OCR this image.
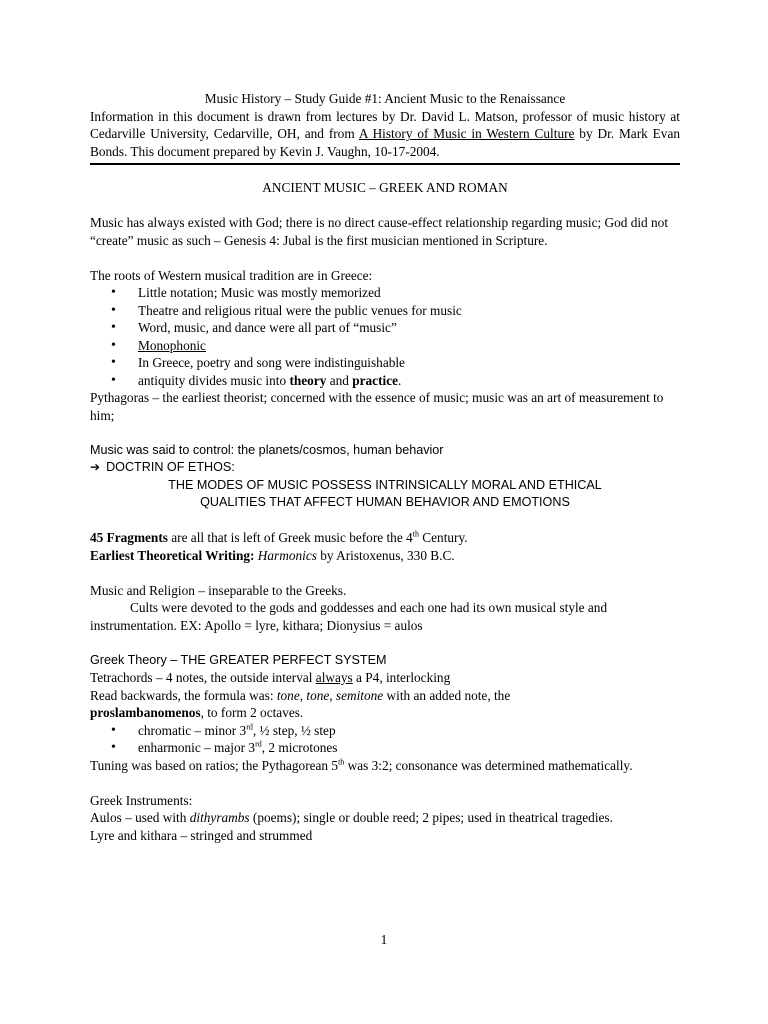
Music History – Study Guide #1: Ancient Music to the Renaissance

Information in this document is drawn from lectures by Dr. David L. Matson, professor of music history at Cedarville University, Cedarville, OH, and from A History of Music in Western Culture by Dr. Mark Evan Bonds. This document prepared by Kevin J. Vaughn, 10-17-2004.

ANCIENT MUSIC – GREEK AND ROMAN

Music has always existed with God; there is no direct cause-effect relationship regarding music; God did not “create” music as such – Genesis 4: Jubal is the first musician mentioned in Scripture.

The roots of Western musical tradition are in Greece:

• Little notation; Music was mostly memorized
• Theatre and religious ritual were the public venues for music
• Word, music, and dance were all part of “music”
• Monophonic
• In Greece, poetry and song were indistinguishable
• antiquity divides music into theory and practice.

Pythagoras – the earliest theorist; concerned with the essence of music; music was an art of measurement to him;

Music was said to control: the planets/cosmos, human behavior

➔ DOCTRIN OF ETHOS:

THE MODES OF MUSIC POSSESS INTRINSICALLY MORAL AND ETHICAL

QUALITIES THAT AFFECT HUMAN BEHAVIOR AND EMOTIONS

45 Fragments are all that is left of Greek music before the 4th Century.

Earliest Theoretical Writing: Harmonics by Aristoxenus, 330 B.C.

Music and Religion – inseparable to the Greeks.

Cults were devoted to the gods and goddesses and each one had its own musical style and instrumentation. EX: Apollo = lyre, kithara; Dionysius = aulos

Greek Theory – THE GREATER PERFECT SYSTEM

Tetrachords – 4 notes, the outside interval always a P4, interlocking

Read backwards, the formula was: tone, tone, semitone with an added note, the

proslambanomenos, to form 2 octaves.

• chromatic – minor 3rd, ½ step, ½ step
• enharmonic – major 3rd, 2 microtones

Tuning was based on ratios; the Pythagorean 5th was 3:2; consonance was determined mathematically.

Greek Instruments:

Aulos – used with dithyrambs (poems); single or double reed; 2 pipes; used in theatrical tragedies.

Lyre and kithara – stringed and strummed

1
